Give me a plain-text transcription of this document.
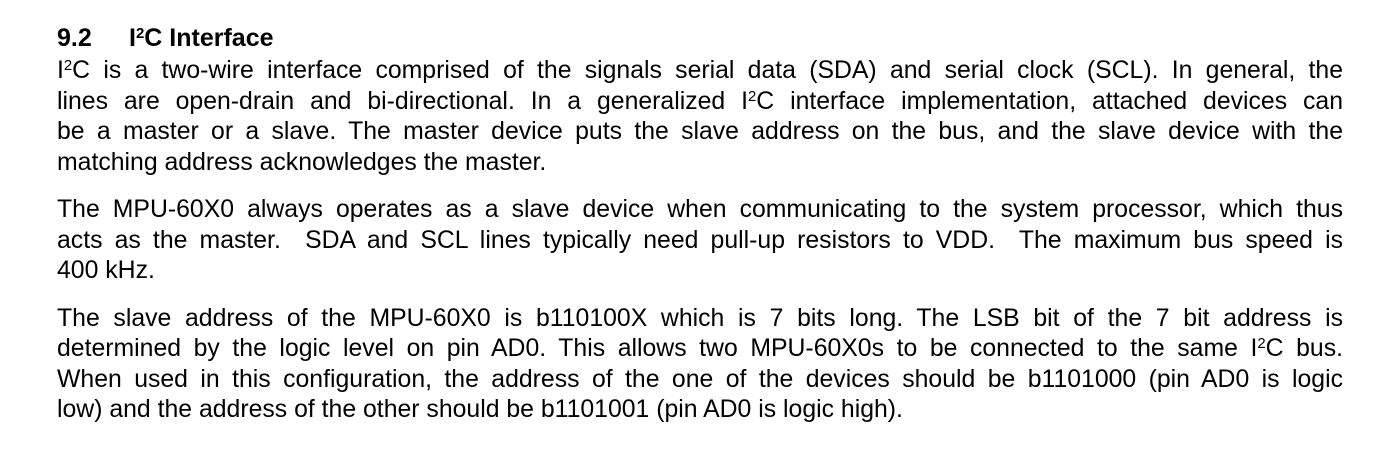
9.2	$I^2C$ Interface

$I^2C$ is a two-wire interface comprised of the signals serial data (SDA) and serial clock (SCL). In general, the
lines are open-drain and bi-directional. In a generalized $I^2C$ interface implementation, attached devices can
be a master or a slave. The master device puts the slave address on the bus, and the slave device with the
matching address acknowledges the master.

The MPU-60X0 always operates as a slave device when communicating to the system processor, which thus
acts as the master.  SDA and SCL lines typically need pull-up resistors to VDD.  The maximum bus speed is
400 kHz.

The slave address of the MPU-60X0 is b110100X which is 7 bits long. The LSB bit of the 7 bit address is
determined by the logic level on pin AD0. This allows two MPU-60X0s to be connected to the same $I^2C$ bus.
When used in this configuration, the address of the one of the devices should be b1101000 (pin AD0 is logic
low) and the address of the other should be b1101001 (pin AD0 is logic high).
